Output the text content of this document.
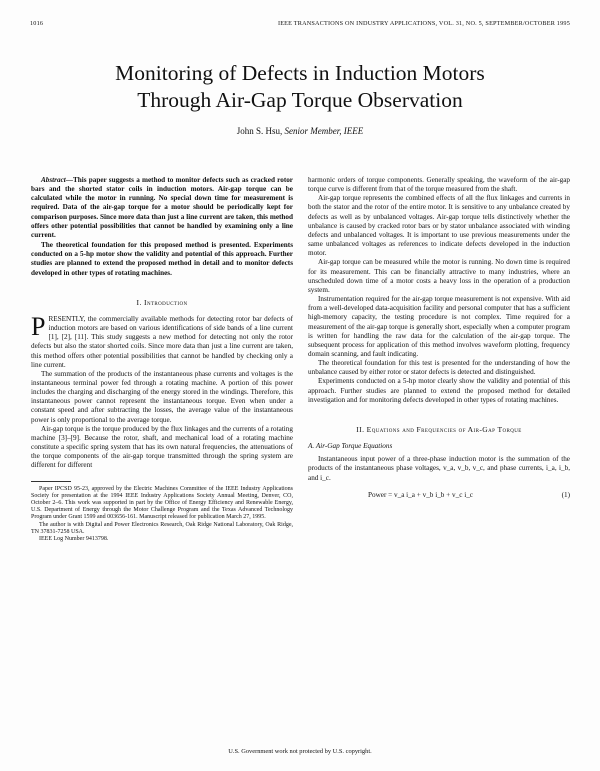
1016	IEEE TRANSACTIONS ON INDUSTRY APPLICATIONS, VOL. 31, NO. 5, SEPTEMBER/OCTOBER 1995
Monitoring of Defects in Induction Motors
Through Air-Gap Torque Observation
John S. Hsu, Senior Member, IEEE

Abstract—This paper suggests a method to monitor defects such as cracked rotor bars and the shorted stator coils in induction motors. Air-gap torque can be calculated while the motor in running. No special down time for measurement is required. Data of the air-gap torque for a motor should be periodically kept for comparison purposes. Since more data than just a line current are taken, this method offers other potential possibilities that cannot be handled by examining only a line current.

The theoretical foundation for this proposed method is presented. Experiments conducted on a 5-hp motor show the validity and potential of this approach. Further studies are planned to extend the proposed method in detail and to monitor defects developed in other types of rotating machines.

I. Introduction

PRESENTLY, the commercially available methods for detecting rotor bar defects of induction motors are based on various identifications of side bands of a line current [1], [2], [11]. This study suggests a new method for detecting not only the rotor defects but also the stator shorted coils. Since more data than just a line current are taken, this method offers other potential possibilities that cannot be handled by checking only a line current.

The summation of the products of the instantaneous phase currents and voltages is the instantaneous terminal power fed through a rotating machine. A portion of this power includes the charging and discharging of the energy stored in the windings. Therefore, this instantaneous power cannot represent the instantaneous torque. Even when under a constant speed and after subtracting the losses, the average value of the instantaneous power is only proportional to the average torque.

Air-gap torque is the torque produced by the flux linkages and the currents of a rotating machine [3]–[9]. Because the rotor, shaft, and mechanical load of a rotating machine constitute a specific spring system that has its own natural frequencies, the attenuations of the torque components of the air-gap torque transmitted through the spring system are different for different

Paper IPCSD 95-23, approved by the Electric Machines Committee of the IEEE Industry Applications Society for presentation at the 1994 IEEE Industry Applications Society Annual Meeting, Denver, CO, October 2–6. This work was supported in part by the Office of Energy Efficiency and Renewable Energy, U.S. Department of Energy through the Motor Challenge Program and the Texas Advanced Technology Program under Grant 1599 and 003656-161. Manuscript released for publication March 27, 1995.

The author is with Digital and Power Electronics Research, Oak Ridge National Laboratory, Oak Ridge, TN 37831-7258 USA.

IEEE Log Number 9413798.

harmonic orders of torque components. Generally speaking, the waveform of the air-gap torque curve is different from that of the torque measured from the shaft.

Air-gap torque represents the combined effects of all the flux linkages and currents in both the stator and the rotor of the entire motor. It is sensitive to any unbalance created by defects as well as by unbalanced voltages. Air-gap torque tells distinctively whether the unbalance is caused by cracked rotor bars or by stator unbalance associated with winding defects and unbalanced voltages. It is important to use previous measurements under the same unbalanced voltages as references to indicate defects developed in the induction motor.

Air-gap torque can be measured while the motor is running. No down time is required for its measurement. This can be financially attractive to many industries, where an unscheduled down time of a motor costs a heavy loss in the operation of a production system.

Instrumentation required for the air-gap torque measurement is not expensive. With aid from a well-developed data-acquisition facility and personal computer that has a sufficient high-memory capacity, the testing procedure is not complex. Time required for a measurement of the air-gap torque is generally short, especially when a computer program is written for handling the raw data for the calculation of the air-gap torque. The subsequent process for application of this method involves waveform plotting, frequency domain scanning, and fault indicating.

The theoretical foundation for this test is presented for the understanding of how the unbalance caused by either rotor or stator defects is detected and distinguished.

Experiments conducted on a 5-hp motor clearly show the validity and potential of this approach. Further studies are planned to extend the proposed method for detailed investigation and for monitoring defects developed in other types of rotating machines.

II. Equations and Frequencies of Air-Gap Torque
A. Air-Gap Torque Equations

Instantaneous input power of a three-phase induction motor is the summation of the products of the instantaneous phase voltages, v_a, v_b, v_c, and phase currents, i_a, i_b, and i_c.

Power = v_a i_a + v_b i_b + v_c i_c	(1)
U.S. Government work not protected by U.S. copyright.
